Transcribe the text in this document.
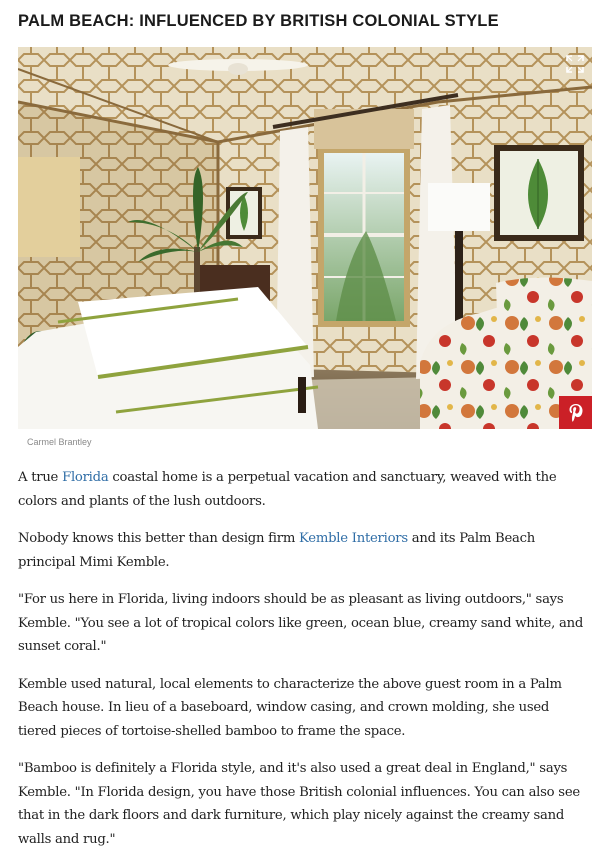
PALM BEACH: INFLUENCED BY BRITISH COLONIAL STYLE
Carmel Brantley

A true Florida coastal home is a perpetual vacation and sanctuary, weaved with the colors and plants of the lush outdoors.

Nobody knows this better than design firm Kemble Interiors and its Palm Beach principal Mimi Kemble.

"For us here in Florida, living indoors should be as pleasant as living outdoors," says Kemble. "You see a lot of tropical colors like green, ocean blue, creamy sand white, and sunset coral."

Kemble used natural, local elements to characterize the above guest room in a Palm Beach house. In lieu of a baseboard, window casing, and crown molding, she used tiered pieces of tortoise-shelled bamboo to frame the space.

"Bamboo is definitely a Florida style, and it's also used a great deal in England," says Kemble. "In Florida design, you have those British colonial influences. You can also see that in the dark floors and dark furniture, which play nicely against the creamy sand walls and rug."
